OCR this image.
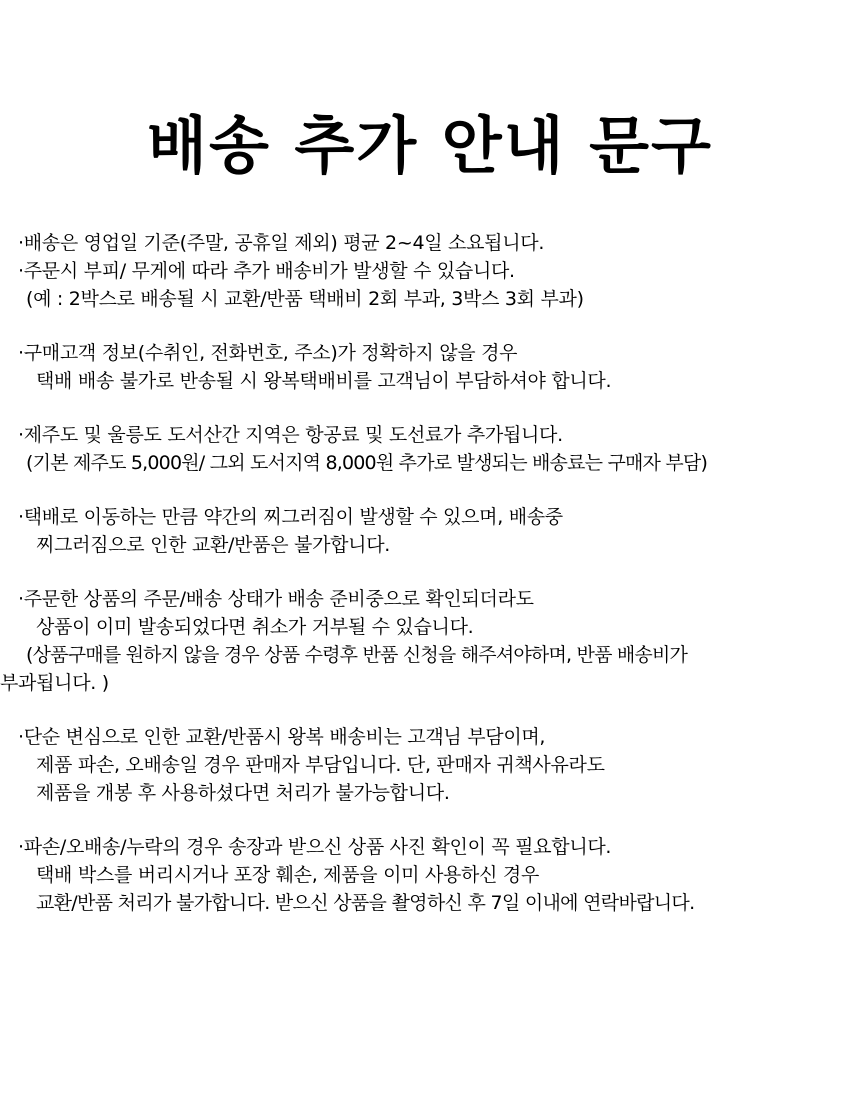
배송 추가 안내 문구
·배송은 영업일 기준(주말, 공휴일 제외) 평균 2~4일 소요됩니다.
·주문시 부피/ 무게에 따라 추가 배송비가 발생할 수 있습니다.
(예 : 2박스로 배송될 시 교환/반품 택배비 2회 부과, 3박스 3회 부과)
·구매고객 정보(수취인, 전화번호, 주소)가 정확하지 않을 경우
택배 배송 불가로 반송될 시 왕복택배비를 고객님이 부담하셔야 합니다.
·제주도 및 울릉도 도서산간 지역은 항공료 및 도선료가 추가됩니다.
(기본 제주도 5,000원/ 그외 도서지역 8,000원 추가로 발생되는 배송료는 구매자 부담)
·택배로 이동하는 만큼 약간의 찌그러짐이 발생할 수 있으며, 배송중
찌그러짐으로 인한 교환/반품은 불가합니다.
·주문한 상품의 주문/배송 상태가 배송 준비중으로 확인되더라도
상품이 이미 발송되었다면 취소가 거부될 수 있습니다.
(상품구매를 원하지 않을 경우 상품 수령후 반품 신청을 해주셔야하며, 반품 배송비가
부과됩니다. )
·단순 변심으로 인한 교환/반품시 왕복 배송비는 고객님 부담이며,
제품 파손, 오배송일 경우 판매자 부담입니다. 단, 판매자 귀책사유라도
제품을 개봉 후 사용하셨다면 처리가 불가능합니다.
·파손/오배송/누락의 경우 송장과 받으신 상품 사진 확인이 꼭 필요합니다.
택배 박스를 버리시거나 포장 훼손, 제품을 이미 사용하신 경우
교환/반품 처리가 불가합니다. 받으신 상품을 촬영하신 후 7일 이내에 연락바랍니다.
